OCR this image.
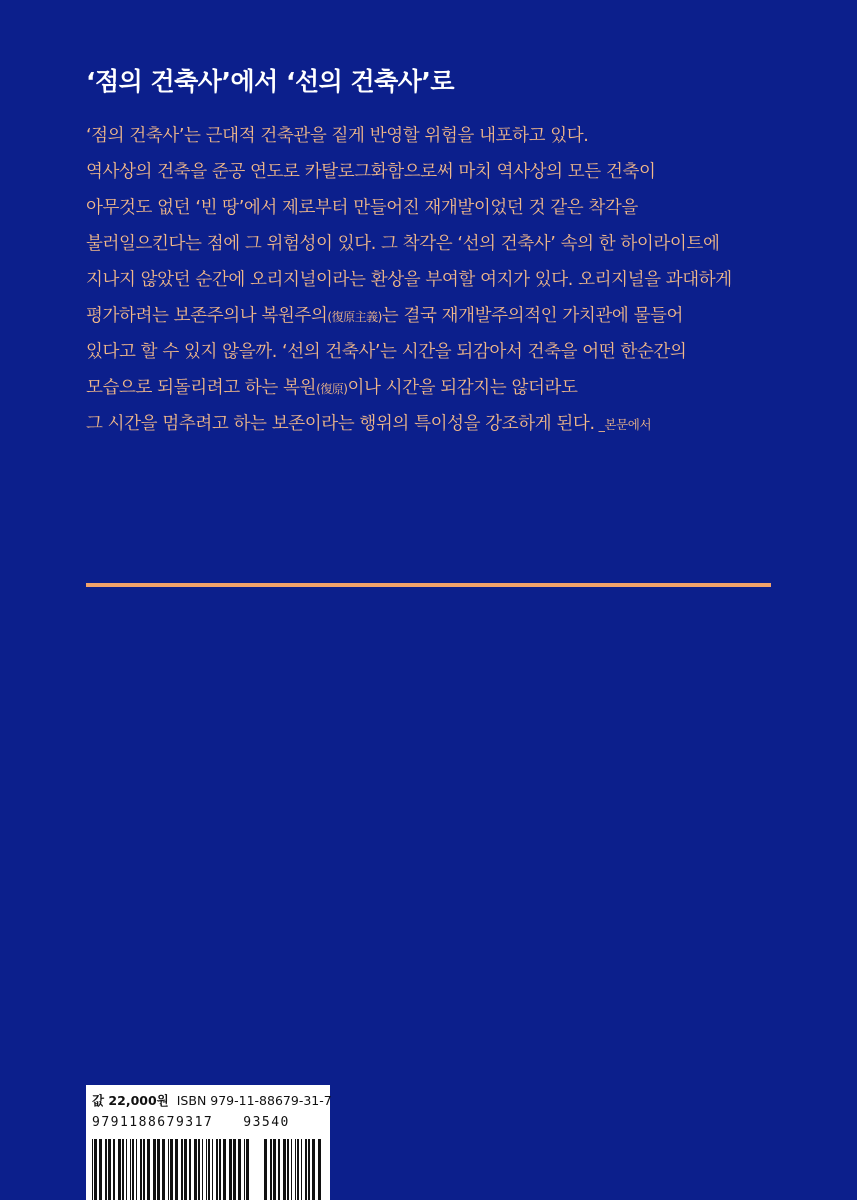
‘점의 건축사’에서 ‘선의 건축사’로
‘점의 건축사’는 근대적 건축관을 짙게 반영할 위험을 내포하고 있다.
역사상의 건축을 준공 연도로 카탈로그화함으로써 마치 역사상의 모든 건축이
아무것도 없던 ‘빈 땅’에서 제로부터 만들어진 재개발이었던 것 같은 착각을
불러일으킨다는 점에 그 위험성이 있다. 그 착각은 ‘선의 건축사’ 속의 한 하이라이트에
지나지 않았던 순간에 오리지널이라는 환상을 부여할 여지가 있다. 오리지널을 과대하게
평가하려는 보존주의나 복원주의(復原主義)는 결국 재개발주의적인 가치관에 물들어
있다고 할 수 있지 않을까. ‘선의 건축사’는 시간을 되감아서 건축을 어떤 한순간의
모습으로 되돌리려고 하는 복원(復原)이나 시간을 되감지는 않더라도
그 시간을 멈추려고 하는 보존이라는 행위의 특이성을 강조하게 된다. _본문에서
값 22,000원 ISBN 979-11-88679-31-7
9791188679317 93540
